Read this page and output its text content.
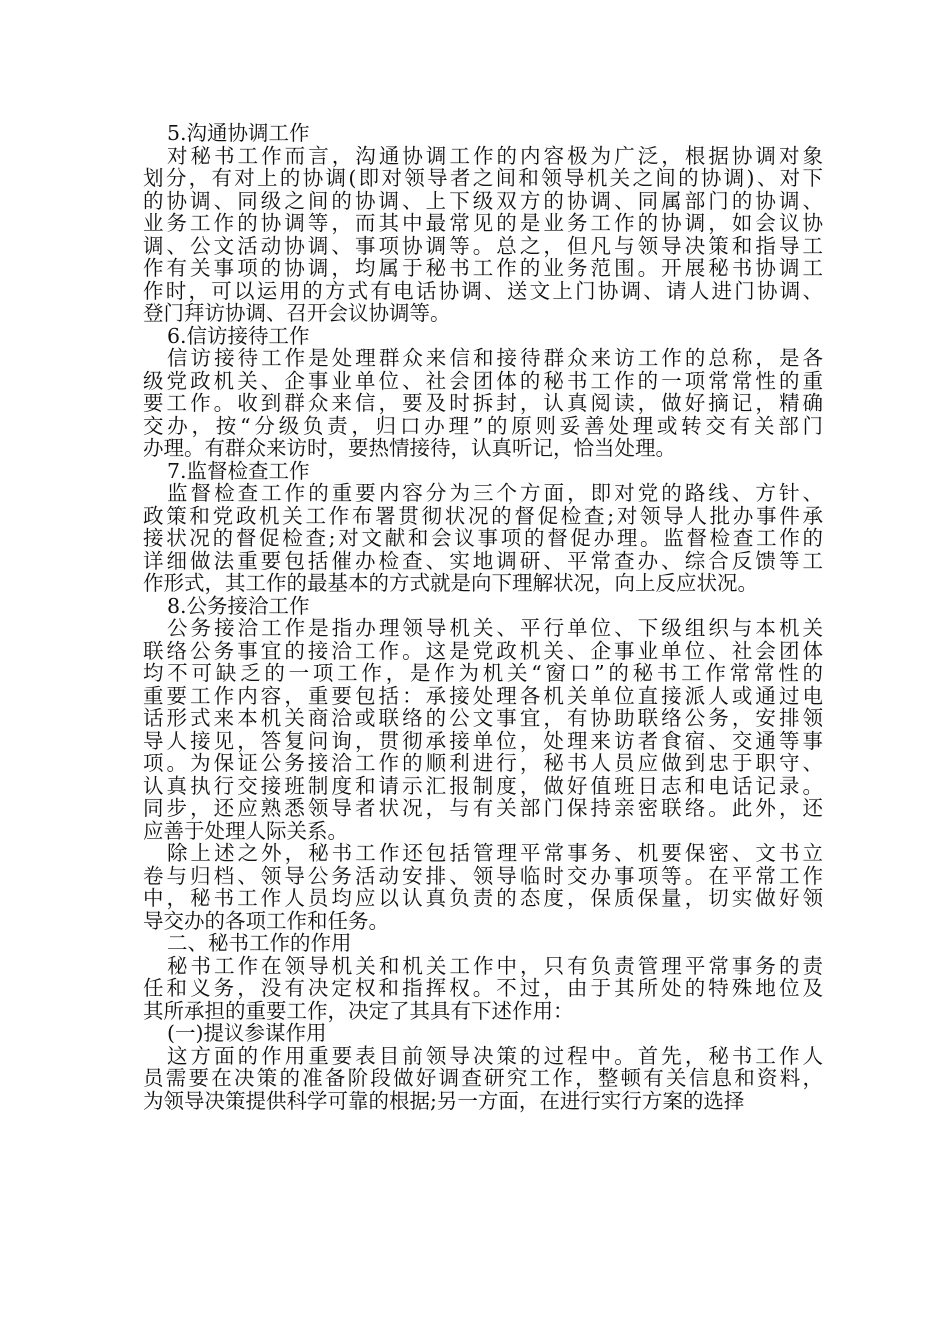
5.沟通协调工作
对秘书工作而言，沟通协调工作的内容极为广泛，根据协调对象
划分，有对上的协调(即对领导者之间和领导机关之间的协调)、对下
的协调、同级之间的协调、上下级双方的协调、同属部门的协调、
业务工作的协调等，而其中最常见的是业务工作的协调，如会议协
调、公文活动协调、事项协调等。总之，但凡与领导决策和指导工
作有关事项的协调，均属于秘书工作的业务范围。开展秘书协调工
作时，可以运用的方式有电话协调、送文上门协调、请人进门协调、
登门拜访协调、召开会议协调等。
6.信访接待工作
信访接待工作是处理群众来信和接待群众来访工作的总称，是各
级党政机关、企事业单位、社会团体的秘书工作的一项常常性的重
要工作。收到群众来信，要及时拆封，认真阅读，做好摘记，精确
交办，按“分级负责，归口办理”的原则妥善处理或转交有关部门
办理。有群众来访时，要热情接待，认真听记，恰当处理。
7.监督检查工作
监督检查工作的重要内容分为三个方面，即对党的路线、方针、
政策和党政机关工作布署贯彻状况的督促检查;对领导人批办事件承
接状况的督促检查;对文献和会议事项的督促办理。监督检查工作的
详细做法重要包括催办检查、实地调研、平常查办、综合反馈等工
作形式，其工作的最基本的方式就是向下理解状况，向上反应状况。
8.公务接洽工作
公务接洽工作是指办理领导机关、平行单位、下级组织与本机关
联络公务事宜的接洽工作。这是党政机关、企事业单位、社会团体
均不可缺乏的一项工作，是作为机关“窗口”的秘书工作常常性的
重要工作内容，重要包括：承接处理各机关单位直接派人或通过电
话形式来本机关商洽或联络的公文事宜，有协助联络公务，安排领
导人接见，答复问询，贯彻承接单位，处理来访者食宿、交通等事
项。为保证公务接洽工作的顺利进行，秘书人员应做到忠于职守、
认真执行交接班制度和请示汇报制度，做好值班日志和电话记录。
同步，还应熟悉领导者状况，与有关部门保持亲密联络。此外，还
应善于处理人际关系。
除上述之外，秘书工作还包括管理平常事务、机要保密、文书立
卷与归档、领导公务活动安排、领导临时交办事项等。在平常工作
中，秘书工作人员均应以认真负责的态度，保质保量，切实做好领
导交办的各项工作和任务。
二、秘书工作的作用
秘书工作在领导机关和机关工作中，只有负责管理平常事务的责
任和义务，没有决定权和指挥权。不过，由于其所处的特殊地位及
其所承担的重要工作，决定了其具有下述作用：
(一)提议参谋作用
这方面的作用重要表目前领导决策的过程中。首先，秘书工作人
员需要在决策的准备阶段做好调查研究工作，整顿有关信息和资料，
为领导决策提供科学可靠的根据;另一方面，在进行实行方案的选择
